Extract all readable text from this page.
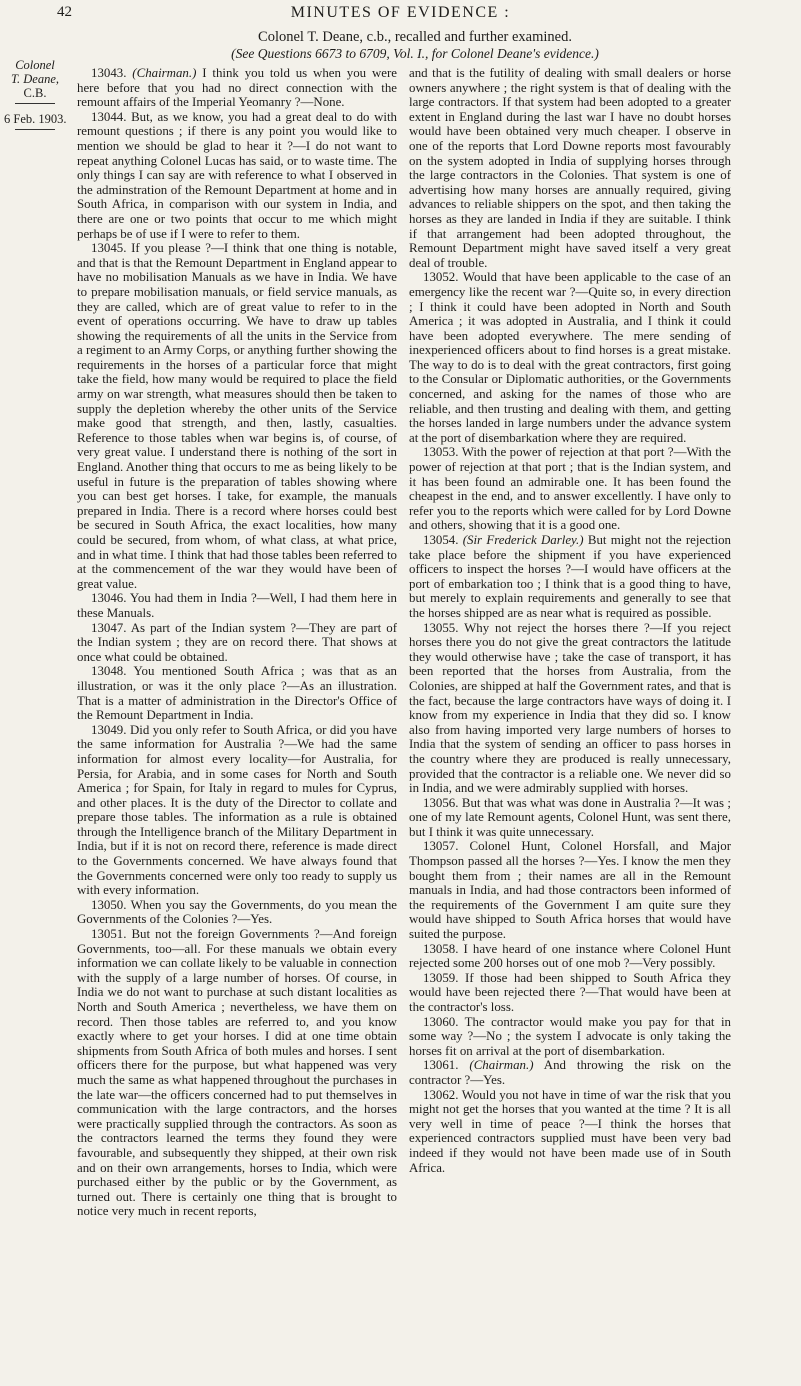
42	MINUTES OF EVIDENCE :
Colonel T. Deane, c.b., recalled and further examined.
(See Questions 6673 to 6709, Vol. I., for Colonel Deane's evidence.)
Colonel
T. Deane,
C.B.
6 Feb. 1903.

13043. (Chairman.) I think you told us when you were here before that you had no direct connection with the remount affairs of the Imperial Yeomanry ?—None.

13044. But, as we know, you had a great deal to do with remount questions ; if there is any point you would like to mention we should be glad to hear it ?—I do not want to repeat anything Colonel Lucas has said, or to waste time. The only things I can say are with reference to what I observed in the adminstration of the Remount Department at home and in South Africa, in comparison with our system in India, and there are one or two points that occur to me which might perhaps be of use if I were to refer to them.

13045. If you please ?—I think that one thing is notable, and that is that the Remount Department in England appear to have no mobilisation Manuals as we have in India. We have to prepare mobilisation manuals, or field service manuals, as they are called, which are of great value to refer to in the event of operations occurring. We have to draw up tables showing the requirements of all the units in the Service from a regiment to an Army Corps, or anything further showing the requirements in the horses of a particular force that might take the field, how many would be required to place the field army on war strength, what measures should then be taken to supply the depletion whereby the other units of the Service make good that strength, and then, lastly, casualties. Reference to those tables when war begins is, of course, of very great value. I understand there is nothing of the sort in England. Another thing that occurs to me as being likely to be useful in future is the preparation of tables showing where you can best get horses. I take, for example, the manuals prepared in India. There is a record where horses could best be secured in South Africa, the exact localities, how many could be secured, from whom, of what class, at what price, and in what time. I think that had those tables been referred to at the commencement of the war they would have been of great value.

13046. You had them in India ?—Well, I had them here in these Manuals.

13047. As part of the Indian system ?—They are part of the Indian system ; they are on record there. That shows at once what could be obtained.

13048. You mentioned South Africa ; was that as an illustration, or was it the only place ?—As an illustration. That is a matter of administration in the Director's Office of the Remount Department in India.

13049. Did you only refer to South Africa, or did you have the same information for Australia ?—We had the same information for almost every locality—for Australia, for Persia, for Arabia, and in some cases for North and South America ; for Spain, for Italy in regard to mules for Cyprus, and other places. It is the duty of the Director to collate and prepare those tables. The information as a rule is obtained through the Intelligence branch of the Military Department in India, but if it is not on record there, reference is made direct to the Governments concerned. We have always found that the Governments concerned were only too ready to supply us with every information.

13050. When you say the Governments, do you mean the Governments of the Colonies ?—Yes.

13051. But not the foreign Governments ?—And foreign Governments, too—all. For these manuals we obtain every information we can collate likely to be valuable in connection with the supply of a large number of horses. Of course, in India we do not want to purchase at such distant localities as North and South America ; nevertheless, we have them on record. Then those tables are referred to, and you know exactly where to get your horses. I did at one time obtain shipments from South Africa of both mules and horses. I sent officers there for the purpose, but what happened was very much the same as what happened throughout the purchases in the late war—the officers concerned had to put themselves in communication with the large contractors, and the horses were practically supplied through the contractors. As soon as the contractors learned the terms they found they were favourable, and subsequently they shipped, at their own risk and on their own arrangements, horses to India, which were purchased either by the public or by the Government, as turned out. There is certainly one thing that is brought to notice very much in recent reports,

and that is the futility of dealing with small dealers or horse owners anywhere ; the right system is that of dealing with the large contractors. If that system had been adopted to a greater extent in England during the last war I have no doubt horses would have been obtained very much cheaper. I observe in one of the reports that Lord Downe reports most favourably on the system adopted in India of supplying horses through the large contractors in the Colonies. That system is one of advertising how many horses are annually required, giving advances to reliable shippers on the spot, and then taking the horses as they are landed in India if they are suitable. I think if that arrangement had been adopted throughout, the Remount Department might have saved itself a very great deal of trouble.

13052. Would that have been applicable to the case of an emergency like the recent war ?—Quite so, in every direction ; I think it could have been adopted in North and South America ; it was adopted in Australia, and I think it could have been adopted everywhere. The mere sending of inexperienced officers about to find horses is a great mistake. The way to do is to deal with the great contractors, first going to the Consular or Diplomatic authorities, or the Governments concerned, and asking for the names of those who are reliable, and then trusting and dealing with them, and getting the horses landed in large numbers under the advance system at the port of disembarkation where they are required.

13053. With the power of rejection at that port ?—With the power of rejection at that port ; that is the Indian system, and it has been found an admirable one. It has been found the cheapest in the end, and to answer excellently. I have only to refer you to the reports which were called for by Lord Downe and others, showing that it is a good one.

13054. (Sir Frederick Darley.) But might not the rejection take place before the shipment if you have experienced officers to inspect the horses ?—I would have officers at the port of embarkation too ; I think that is a good thing to have, but merely to explain requirements and generally to see that the horses shipped are as near what is required as possible.

13055. Why not reject the horses there ?—If you reject horses there you do not give the great contractors the latitude they would otherwise have ; take the case of transport, it has been reported that the horses from Australia, from the Colonies, are shipped at half the Government rates, and that is the fact, because the large contractors have ways of doing it. I know from my experience in India that they did so. I know also from having imported very large numbers of horses to India that the system of sending an officer to pass horses in the country where they are produced is really unnecessary, provided that the contractor is a reliable one. We never did so in India, and we were admirably supplied with horses.

13056. But that was what was done in Australia ?—It was ; one of my late Remount agents, Colonel Hunt, was sent there, but I think it was quite unnecessary.

13057. Colonel Hunt, Colonel Horsfall, and Major Thompson passed all the horses ?—Yes. I know the men they bought them from ; their names are all in the Remount manuals in India, and had those contractors been informed of the requirements of the Government I am quite sure they would have shipped to South Africa horses that would have suited the purpose.

13058. I have heard of one instance where Colonel Hunt rejected some 200 horses out of one mob ?—Very possibly.

13059. If those had been shipped to South Africa they would have been rejected there ?—That would have been at the contractor's loss.

13060. The contractor would make you pay for that in some way ?—No ; the system I advocate is only taking the horses fit on arrival at the port of disembarkation.

13061. (Chairman.) And throwing the risk on the contractor ?—Yes.

13062. Would you not have in time of war the risk that you might not get the horses that you wanted at the time ? It is all very well in time of peace ?—I think the horses that experienced contractors supplied must have been very bad indeed if they would not have been made use of in South Africa.
